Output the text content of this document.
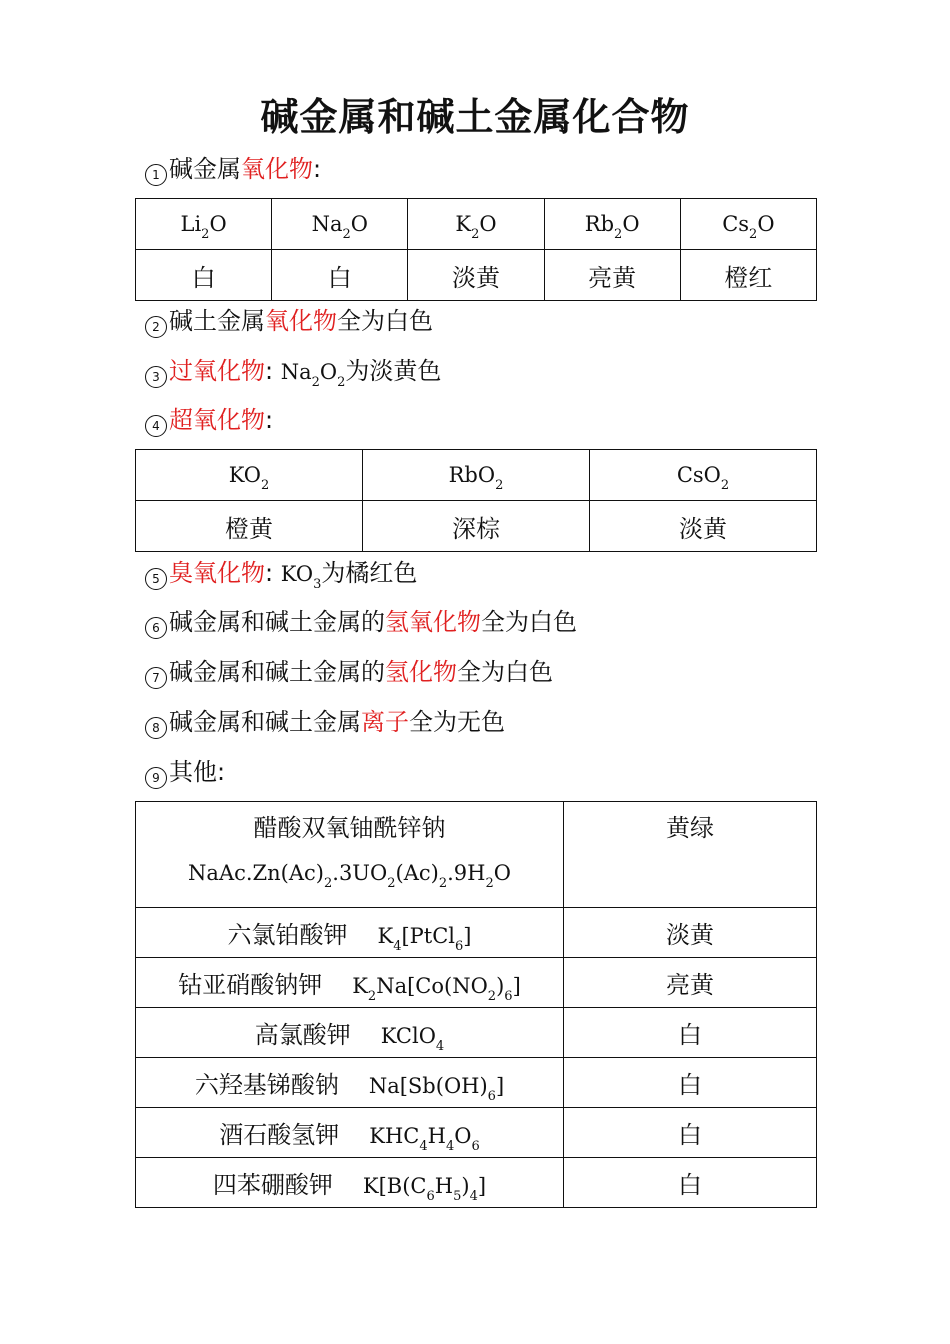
碱金属和碱土金属化合物
1 碱金属氧化物:
$Li_2O$	$Na_2O$	$K_2O$	$Rb_2O$	$Cs_2O$
白	白	淡黄	亮黄	橙红
2 碱土金属氧化物全为白色
3 过氧化物: $Na_2O_2$为淡黄色
4 超氧化物:
$KO_2$	RbO$_2$	CsO$_2$
橙黄	深棕	淡黄
5 臭氧化物: $KO_3$为橘红色
6 碱金属和碱土金属的氢氧化物全为白色
7 碱金属和碱土金属的氢化物全为白色
8 碱金属和碱土金属离子全为无色
9 其他:
醋酸双氧铀酰锌钠
$NaAc.Zn(Ac)_2.3UO_2(Ac)_2.9H_2O$	黄绿
六氯铂酸钾 $K_4[PtCl_6]$	淡黄
钴亚硝酸钠钾 $K_2Na[Co(NO_2)_6]$	亮黄
高氯酸钾 KClO$_4$	白
六羟基锑酸钠 $Na[Sb(OH)_6]$	白
酒石酸氢钾 $KHC_4H_4O_6$	白
四苯硼酸钾 $K[B(C_6H_5)_4]$	白
